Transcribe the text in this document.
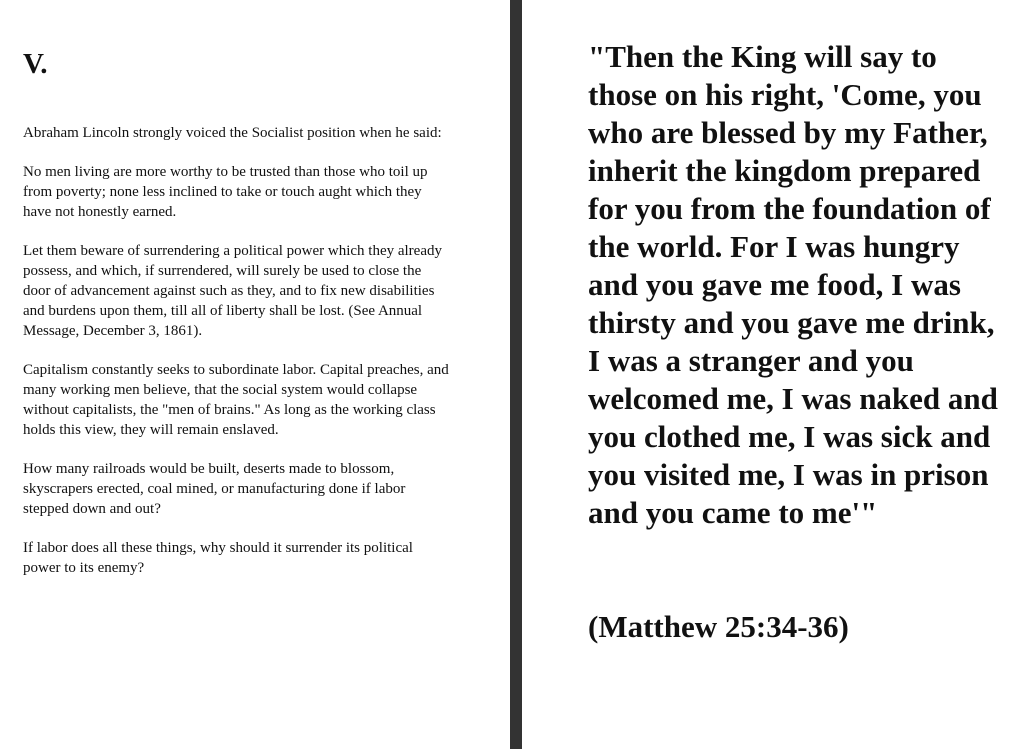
V.

Abraham Lincoln strongly voiced the Socialist position when he said:

No men living are more worthy to be trusted than those who toil up from poverty; none less inclined to take or touch aught which they have not honestly earned.

Let them beware of surrendering a political power which they already possess, and which, if surrendered, will surely be used to close the door of advancement against such as they, and to fix new disabilities and burdens upon them, till all of liberty shall be lost. (See Annual Message, December 3, 1861).

Capitalism constantly seeks to subordinate labor. Capital preaches, and many working men believe, that the social system would collapse without capitalists, the "men of brains." As long as the working class holds this view, they will remain enslaved.

How many railroads would be built, deserts made to blossom, skyscrapers erected, coal mined, or manufacturing done if labor stepped down and out?

If labor does all these things, why should it surrender its political power to its enemy?

"Then the King will say to those on his right, 'Come, you who are blessed by my Father, inherit the kingdom prepared for you from the foundation of the world. For I was hungry and you gave me food, I was thirsty and you gave me drink, I was a stranger and you welcomed me, I was naked and you clothed me, I was sick and you visited me, I was in prison and you came to me'"

(Matthew 25:34-36)
